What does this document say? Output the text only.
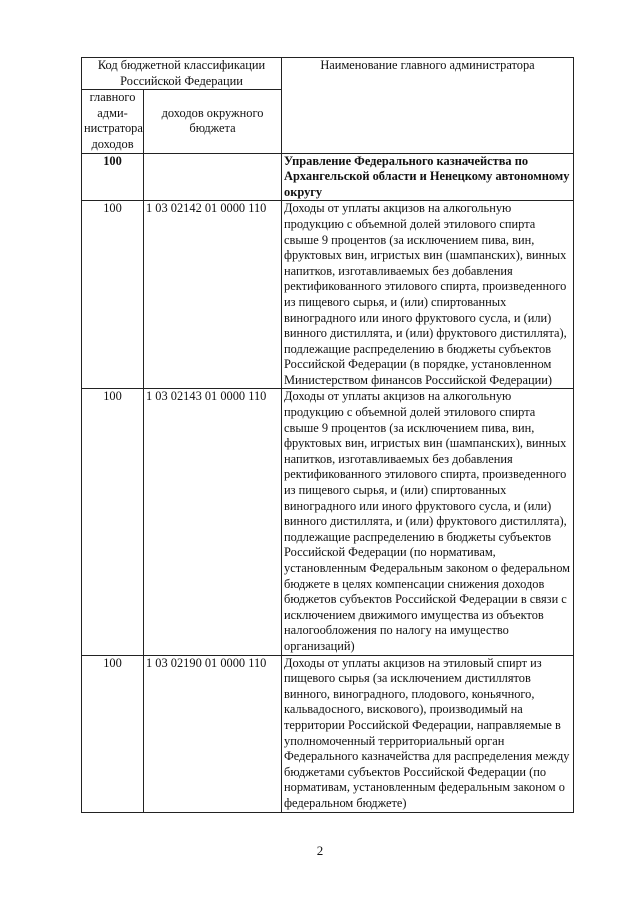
Код бюджетной классификации Российской Федерации		Наименование главного администратора
главного адми-нистратора доходов	доходов окружного бюджета	
100		Управление Федерального казначейства по Архангельской области и Ненецкому автономному округу
100	1 03 02142 01 0000 110	Доходы от уплаты акцизов на алкогольную продукцию с объемной долей этилового спирта свыше 9 процентов (за исключением пива, вин, фруктовых вин, игристых вин (шампанских), винных напитков, изготавливаемых без добавления ректификованного этилового спирта, произведенного из пищевого сырья, и (или) спиртованных виноградного или иного фруктового сусла, и (или) винного дистиллята, и (или) фруктового дистиллята), подлежащие распределению в бюджеты субъектов Российской Федерации (в порядке, установленном Министерством финансов Российской Федерации)
100	1 03 02143 01 0000 110	Доходы от уплаты акцизов на алкогольную продукцию с объемной долей этилового спирта свыше 9 процентов (за исключением пива, вин, фруктовых вин, игристых вин (шампанских), винных напитков, изготавливаемых без добавления ректификованного этилового спирта, произведенного из пищевого сырья, и (или) спиртованных виноградного или иного фруктового сусла, и (или) винного дистиллята, и (или) фруктового дистиллята), подлежащие распределению в бюджеты субъектов Российской Федерации (по нормативам, установленным Федеральным законом о федеральном бюджете в целях компенсации снижения доходов бюджетов субъектов Российской Федерации в связи с исключением движимого имущества из объектов налогообложения по налогу на имущество организаций)
100	1 03 02190 01 0000 110	Доходы от уплаты акцизов на этиловый спирт из пищевого сырья (за исключением дистиллятов винного, виноградного, плодового, коньячного, кальвадосного, вискового), производимый на территории Российской Федерации, направляемые в уполномоченный территориальный орган Федерального казначейства для распределения между бюджетами субъектов Российской Федерации (по нормативам, установленным федеральным законом о федеральном бюджете)
2
